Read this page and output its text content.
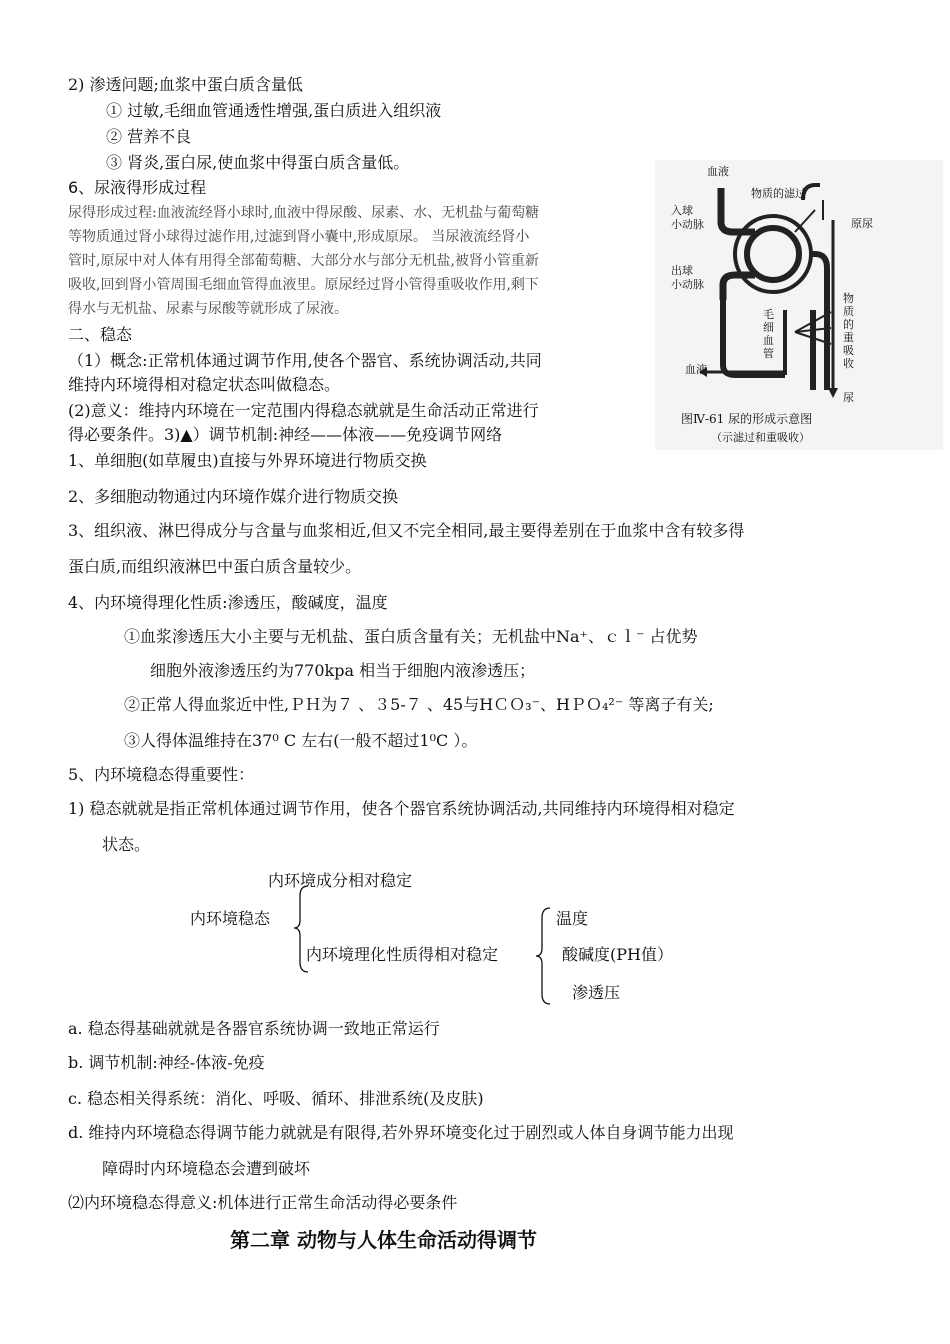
2) 渗透问题;血浆中蛋白质含量低
① 过敏,毛细血管通透性增强,蛋白质进入组织液
② 营养不良
③ 肾炎,蛋白尿,使血浆中得蛋白质含量低。
6、尿液得形成过程
尿得形成过程:血液流经肾小球时,血液中得尿酸、尿素、水、无机盐与葡萄糖
等物质通过肾小球得过滤作用,过滤到肾小囊中,形成原尿。 当尿液流经肾小
管时,原尿中对人体有用得全部葡萄糖、大部分水与部分无机盐,被肾小管重新
吸收,回到肾小管周围毛细血管得血液里。原尿经过肾小管得重吸收作用,剩下
得水与无机盐、尿素与尿酸等就形成了尿液。
血液
物质的滤过
入球
小动脉	原尿
出球
小动脉
物质的重吸收
毛细血管
血液
尿
图Ⅳ-61 尿的形成示意图
（示滤过和重吸收）
二、稳态
（1）概念:正常机体通过调节作用,使各个器官、系统协调活动,共同
维持内环境得相对稳定状态叫做稳态。
(2)意义：维持内环境在一定范围内得稳态就就是生命活动正常进行
得必要条件。3)▲）调节机制:神经——体液——免疫调节网络
1、单细胞(如草履虫)直接与外界环境进行物质交换
2、多细胞动物通过内环境作媒介进行物质交换
3、组织液、淋巴得成分与含量与血浆相近,但又不完全相同,最主要得差别在于血浆中含有较多得
蛋白质,而组织液淋巴中蛋白质含量较少。
4、内环境得理化性质:渗透压，酸碱度，温度
①血浆渗透压大小主要与无机盐、蛋白质含量有关；无机盐中Na⁺、ｃｌ⁻ 占优势
细胞外液渗透压约为770kpa 相当于细胞内液渗透压；
②正常人得血浆近中性,ＰＨ为７ 、３5-７ 、45与HＣＯ₃⁻、HＰＯ₄²⁻ 等离子有关;
③人得体温维持在37⁰ C 左右(一般不超过1⁰C ）。
5、内环境稳态得重要性：
1) 稳态就就是指正常机体通过调节作用，使各个器官系统协调活动,共同维持内环境得相对稳定
状态。
内环境成分相对稳定
内环境稳态
内环境理化性质得相对稳定
温度
酸碱度(PH值）
渗透压
a. 稳态得基础就就是各器官系统协调一致地正常运行
b. 调节机制:神经-体液-免疫
c. 稳态相关得系统：消化、呼吸、循环、排泄系统(及皮肤)
d. 维持内环境稳态得调节能力就就是有限得,若外界环境变化过于剧烈或人体自身调节能力出现
障碍时内环境稳态会遭到破坏
⑵内环境稳态得意义:机体进行正常生命活动得必要条件
第二章 动物与人体生命活动得调节
